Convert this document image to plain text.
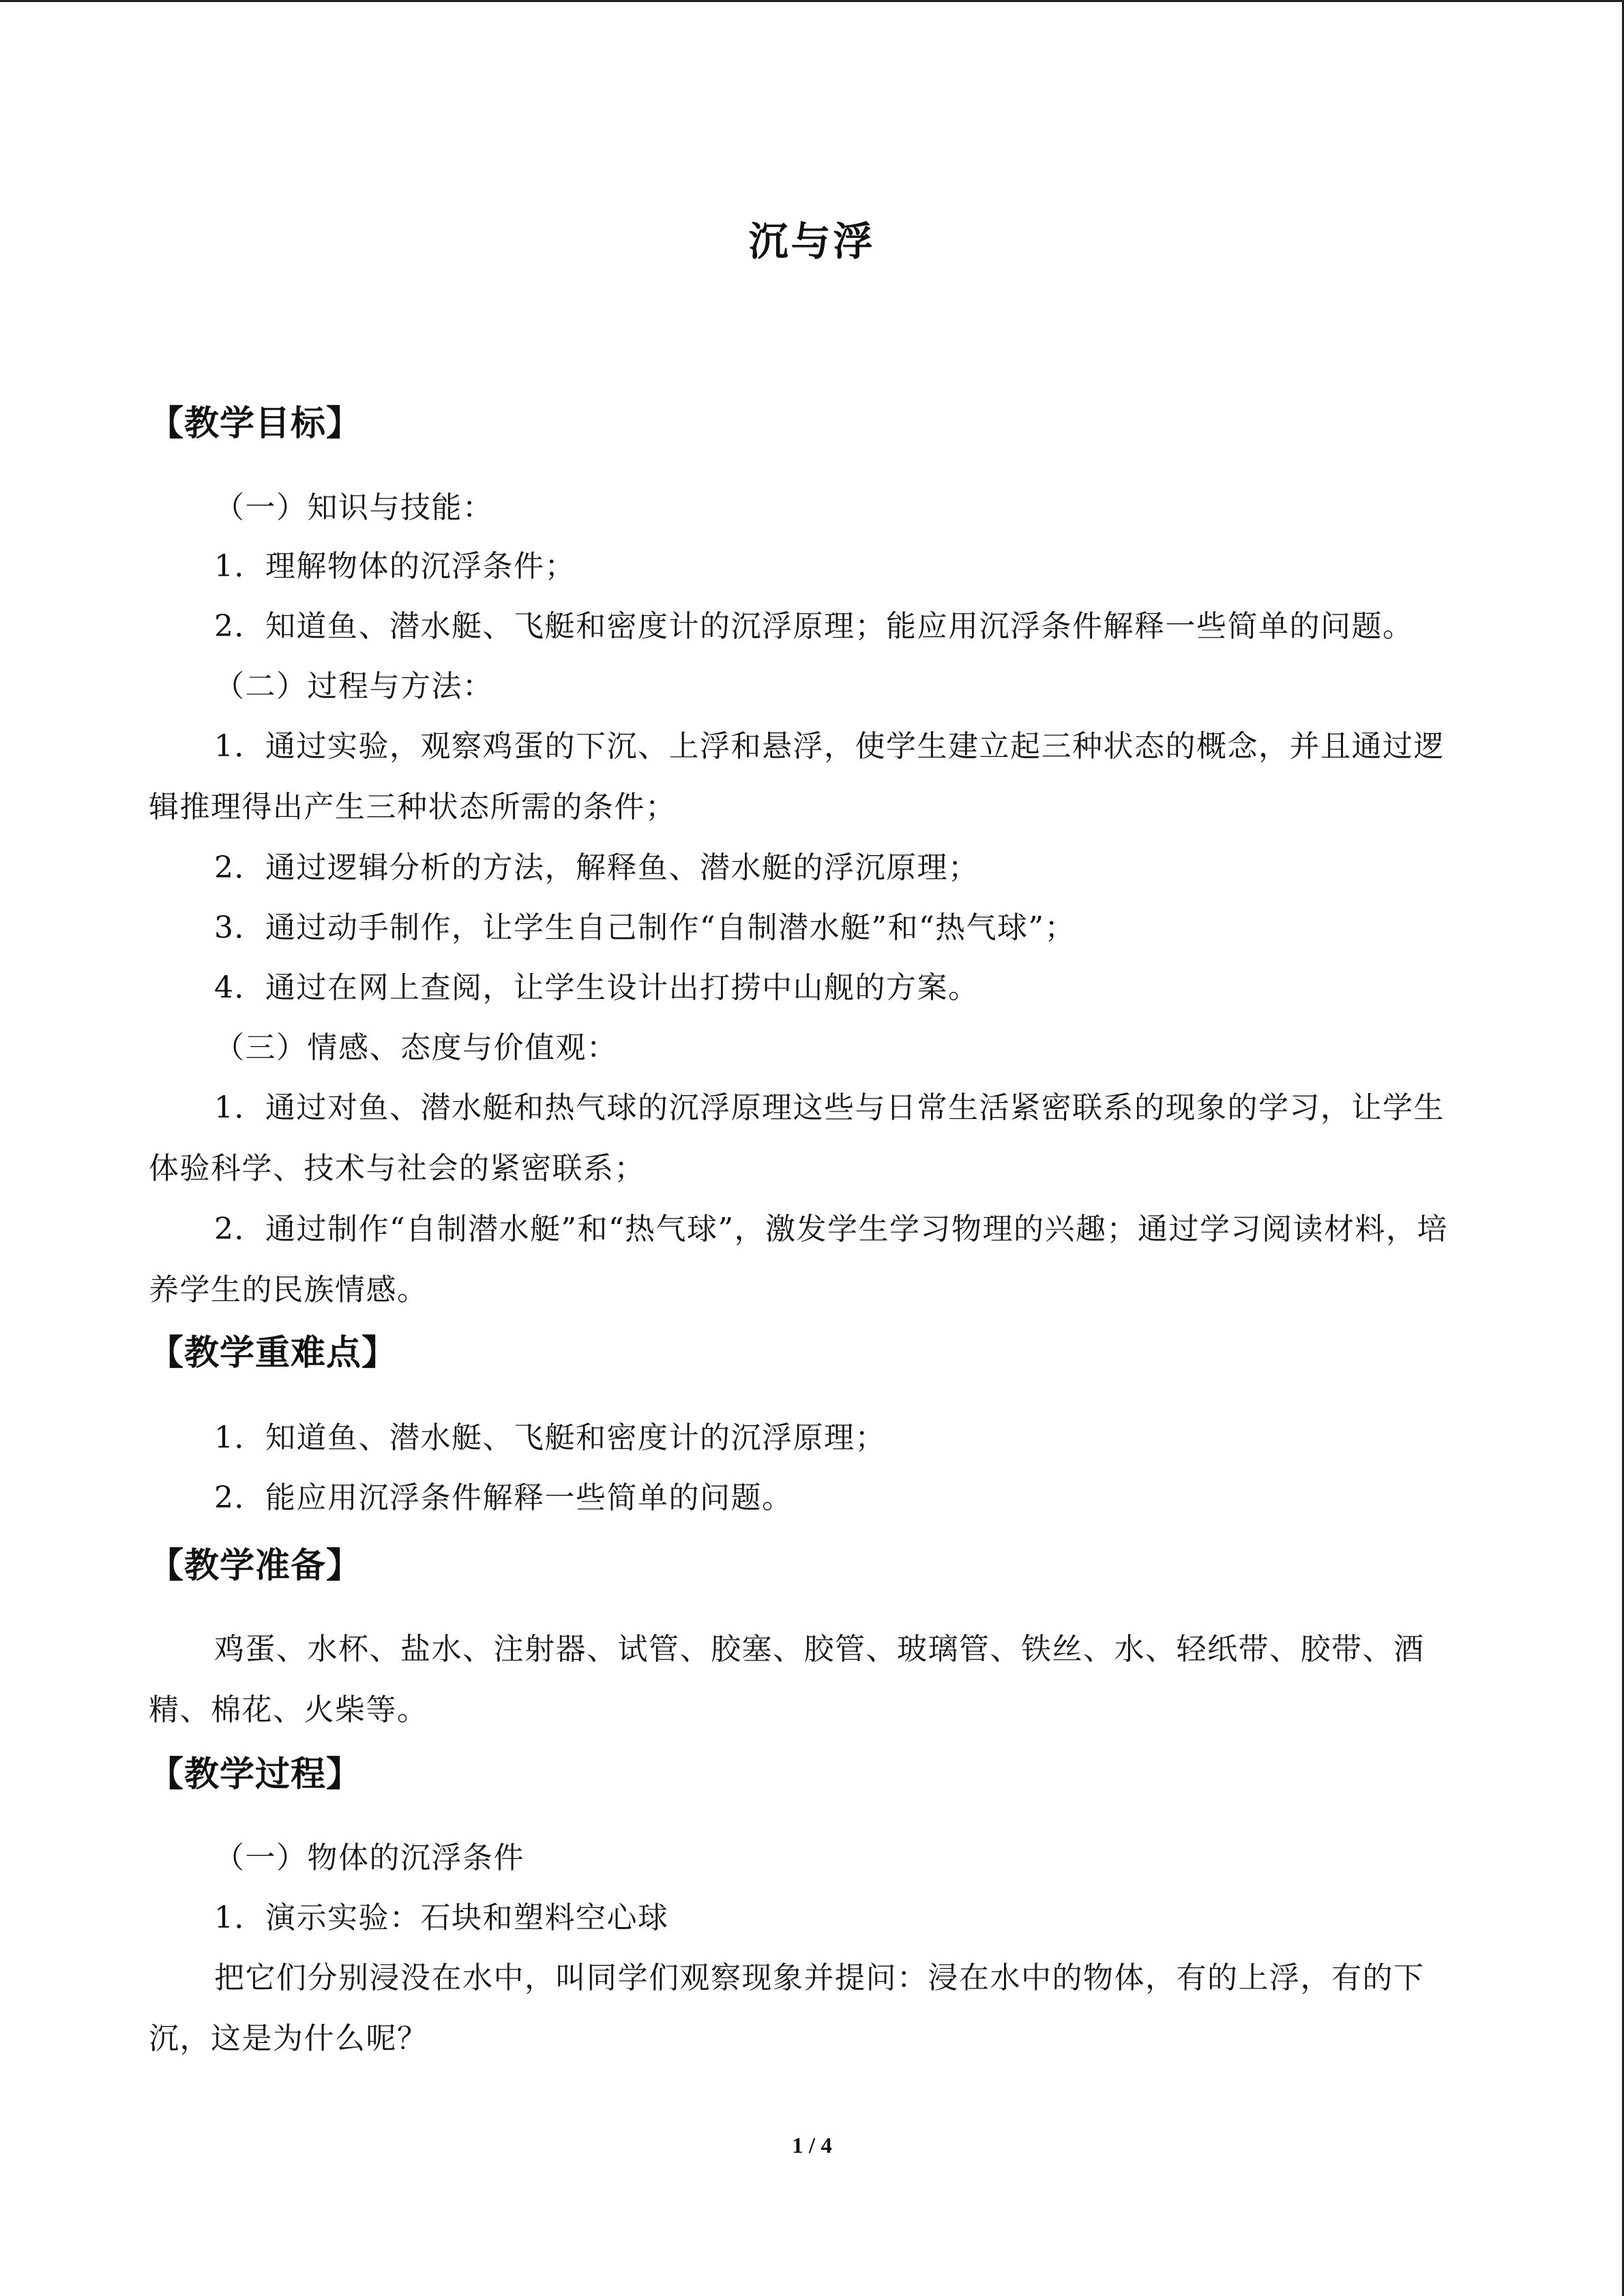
沉与浮
【教学目标】
（一）知识与技能：
1．理解物体的沉浮条件；
2．知道鱼、潜水艇、飞艇和密度计的沉浮原理；能应用沉浮条件解释一些简单的问题。
（二）过程与方法：
1．通过实验，观察鸡蛋的下沉、上浮和悬浮，使学生建立起三种状态的概念，并且通过逻辑推理得出产生三种状态所需的条件；
2．通过逻辑分析的方法，解释鱼、潜水艇的浮沉原理；
3．通过动手制作，让学生自己制作“自制潜水艇”和“热气球”；
4．通过在网上查阅，让学生设计出打捞中山舰的方案。
（三）情感、态度与价值观：
1．通过对鱼、潜水艇和热气球的沉浮原理这些与日常生活紧密联系的现象的学习，让学生体验科学、技术与社会的紧密联系；
2．通过制作“自制潜水艇”和“热气球”，激发学生学习物理的兴趣；通过学习阅读材料，培养学生的民族情感。
【教学重难点】
1．知道鱼、潜水艇、飞艇和密度计的沉浮原理；
2．能应用沉浮条件解释一些简单的问题。
【教学准备】
鸡蛋、水杯、盐水、注射器、试管、胶塞、胶管、玻璃管、铁丝、水、轻纸带、胶带、酒精、棉花、火柴等。
【教学过程】
（一）物体的沉浮条件
1．演示实验：石块和塑料空心球
把它们分别浸没在水中，叫同学们观察现象并提问：浸在水中的物体，有的上浮，有的下沉，这是为什么呢？
1 / 4
